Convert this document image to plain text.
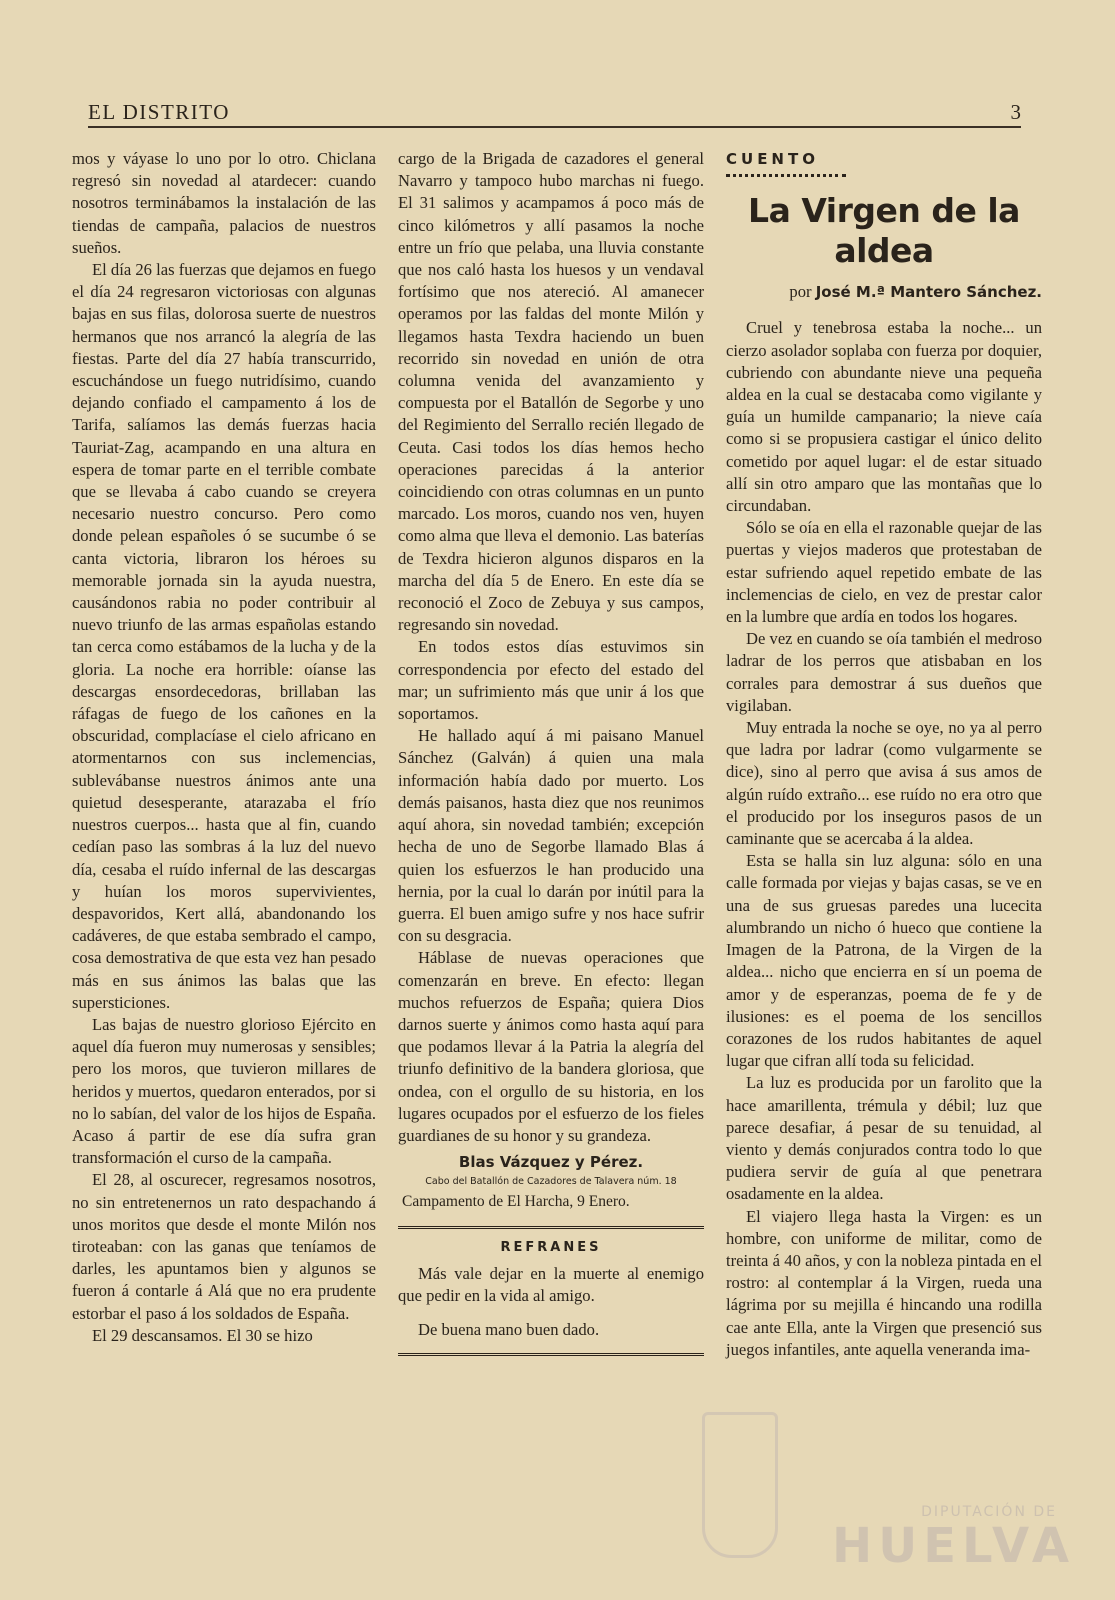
EL DISTRITO	3

mos y váyase lo uno por lo otro. Chiclana regresó sin novedad al atardecer: cuando nosotros terminábamos la instalación de las tiendas de campaña, palacios de nuestros sueños.

El día 26 las fuerzas que dejamos en fuego el día 24 regresaron victoriosas con algunas bajas en sus filas, dolorosa suerte de nuestros hermanos que nos arrancó la alegría de las fiestas. Parte del día 27 había transcurrido, escuchándose un fuego nutridísimo, cuando dejando confiado el campamento á los de Tarifa, salíamos las demás fuerzas hacia Tauriat-Zag, acampando en una altura en espera de tomar parte en el terrible combate que se llevaba á cabo cuando se creyera necesario nuestro concurso. Pero como donde pelean españoles ó se sucumbe ó se canta victoria, libraron los héroes su memorable jornada sin la ayuda nuestra, causándonos rabia no poder contribuir al nuevo triunfo de las armas españolas estando tan cerca como estábamos de la lucha y de la gloria. La noche era horrible: oíanse las descargas ensordecedoras, brillaban las ráfagas de fuego de los cañones en la obscuridad, complacíase el cielo africano en atormentarnos con sus inclemencias, sublevábanse nuestros ánimos ante una quietud desesperante, atarazaba el frío nuestros cuerpos... hasta que al fin, cuando cedían paso las sombras á la luz del nuevo día, cesaba el ruído infernal de las descargas y huían los moros supervivientes, despavoridos, Kert allá, abandonando los cadáveres, de que estaba sembrado el campo, cosa demostrativa de que esta vez han pesado más en sus ánimos las balas que las supersticiones.

Las bajas de nuestro glorioso Ejército en aquel día fueron muy numerosas y sensibles; pero los moros, que tuvieron millares de heridos y muertos, quedaron enterados, por si no lo sabían, del valor de los hijos de España. Acaso á partir de ese día sufra gran transformación el curso de la campaña.

El 28, al oscurecer, regresamos nosotros, no sin entretenernos un rato despachando á unos moritos que desde el monte Milón nos tiroteaban: con las ganas que teníamos de darles, les apuntamos bien y algunos se fueron á contarle á Alá que no era prudente estorbar el paso á los soldados de España.

El 29 descansamos. El 30 se hizo

cargo de la Brigada de cazadores el general Navarro y tampoco hubo marchas ni fuego. El 31 salimos y acampamos á poco más de cinco kilómetros y allí pasamos la noche entre un frío que pelaba, una lluvia constante que nos caló hasta los huesos y un vendaval fortísimo que nos atereció. Al amanecer operamos por las faldas del monte Milón y llegamos hasta Texdra haciendo un buen recorrido sin novedad en unión de otra columna venida del avanzamiento y compuesta por el Batallón de Segorbe y uno del Regimiento del Serrallo recién llegado de Ceuta. Casi todos los días hemos hecho operaciones parecidas á la anterior coincidiendo con otras columnas en un punto marcado. Los moros, cuando nos ven, huyen como alma que lleva el demonio. Las baterías de Texdra hicieron algunos disparos en la marcha del día 5 de Enero. En este día se reconoció el Zoco de Zebuya y sus campos, regresando sin novedad.

En todos estos días estuvimos sin correspondencia por efecto del estado del mar; un sufrimiento más que unir á los que soportamos.

He hallado aquí á mi paisano Manuel Sánchez (Galván) á quien una mala información había dado por muerto. Los demás paisanos, hasta diez que nos reunimos aquí ahora, sin novedad también; excepción hecha de uno de Segorbe llamado Blas á quien los esfuerzos le han producido una hernia, por la cual lo darán por inútil para la guerra. El buen amigo sufre y nos hace sufrir con su desgracia.

Háblase de nuevas operaciones que comenzarán en breve. En efecto: llegan muchos refuerzos de España; quiera Dios darnos suerte y ánimos como hasta aquí para que podamos llevar á la Patria la alegría del triunfo definitivo de la bandera gloriosa, que ondea, con el orgullo de su historia, en los lugares ocupados por el esfuerzo de los fieles guardianes de su honor y su grandeza.

Blas Vázquez y Pérez.
Cabo del Batallón de Cazadores de Talavera núm. 18
Campamento de El Harcha, 9 Enero.
REFRANES

Más vale dejar en la muerte al enemigo que pedir en la vida al amigo.

De buena mano buen dado.

CUENTO
La Virgen de la aldea
por José M.ª Mantero Sánchez.

Cruel y tenebrosa estaba la noche... un cierzo asolador soplaba con fuerza por doquier, cubriendo con abundante nieve una pequeña aldea en la cual se destacaba como vigilante y guía un humilde campanario; la nieve caía como si se propusiera castigar el único delito cometido por aquel lugar: el de estar situado allí sin otro amparo que las montañas que lo circundaban.

Sólo se oía en ella el razonable quejar de las puertas y viejos maderos que protestaban de estar sufriendo aquel repetido embate de las inclemencias de cielo, en vez de prestar calor en la lumbre que ardía en todos los hogares.

De vez en cuando se oía también el medroso ladrar de los perros que atisbaban en los corrales para demostrar á sus dueños que vigilaban.

Muy entrada la noche se oye, no ya al perro que ladra por ladrar (como vulgarmente se dice), sino al perro que avisa á sus amos de algún ruído extraño... ese ruído no era otro que el producido por los inseguros pasos de un caminante que se acercaba á la aldea.

Esta se halla sin luz alguna: sólo en una calle formada por viejas y bajas casas, se ve en una de sus gruesas paredes una lucecita alumbrando un nicho ó hueco que contiene la Imagen de la Patrona, de la Virgen de la aldea... nicho que encierra en sí un poema de amor y de esperanzas, poema de fe y de ilusiones: es el poema de los sencillos corazones de los rudos habitantes de aquel lugar que cifran allí toda su felicidad.

La luz es producida por un farolito que la hace amarillenta, trémula y débil; luz que parece desafiar, á pesar de su tenuidad, al viento y demás conjurados contra todo lo que pudiera servir de guía al que penetrara osadamente en la aldea.

El viajero llega hasta la Virgen: es un hombre, con uniforme de militar, como de treinta á 40 años, y con la nobleza pintada en el rostro: al contemplar á la Virgen, rueda una lágrima por su mejilla é hincando una rodilla cae ante Ella, ante la Virgen que presenció sus juegos infantiles, ante aquella veneranda ima-

DIPUTACIÓN DE
HUELVA
